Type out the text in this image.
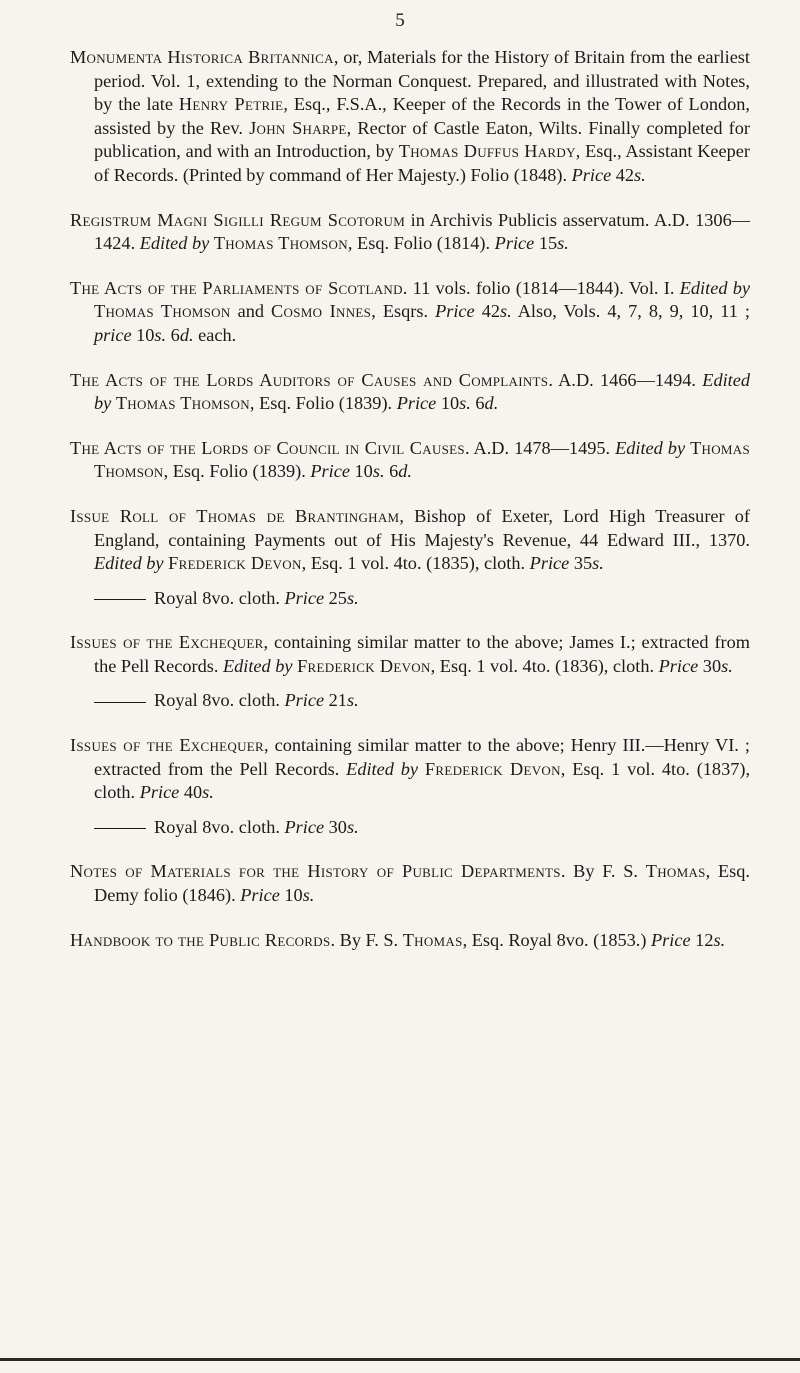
5

Monumenta Historica Britannica, or, Materials for the History of Britain from the earliest period. Vol. 1, extending to the Norman Conquest. Prepared, and illustrated with Notes, by the late Henry Petrie, Esq., F.S.A., Keeper of the Records in the Tower of London, assisted by the Rev. John Sharpe, Rector of Castle Eaton, Wilts. Finally completed for publication, and with an Introduction, by Thomas Duffus Hardy, Esq., Assistant Keeper of Records. (Printed by command of Her Majesty.) Folio (1848). Price 42s.

Registrum Magni Sigilli Regum Scotorum in Archivis Publicis asservatum. A.D. 1306—1424. Edited by Thomas Thomson, Esq. Folio (1814). Price 15s.

The Acts of the Parliaments of Scotland. 11 vols. folio (1814—1844). Vol. I. Edited by Thomas Thomson and Cosmo Innes, Esqrs. Price 42s. Also, Vols. 4, 7, 8, 9, 10, 11 ; price 10s. 6d. each.

The Acts of the Lords Auditors of Causes and Complaints. A.D. 1466—1494. Edited by Thomas Thomson, Esq. Folio (1839). Price 10s. 6d.

The Acts of the Lords of Council in Civil Causes. A.D. 1478—1495. Edited by Thomas Thomson, Esq. Folio (1839). Price 10s. 6d.

Issue Roll of Thomas de Brantingham, Bishop of Exeter, Lord High Treasurer of England, containing Payments out of His Majesty's Revenue, 44 Edward III., 1370. Edited by Frederick Devon, Esq. 1 vol. 4to. (1835), cloth. Price 35s.

Royal 8vo. cloth. Price 25s.

Issues of the Exchequer, containing similar matter to the above; James I.; extracted from the Pell Records. Edited by Frederick Devon, Esq. 1 vol. 4to. (1836), cloth. Price 30s.

Royal 8vo. cloth. Price 21s.

Issues of the Exchequer, containing similar matter to the above; Henry III.—Henry VI. ; extracted from the Pell Records. Edited by Frederick Devon, Esq. 1 vol. 4to. (1837), cloth. Price 40s.

Royal 8vo. cloth. Price 30s.

Notes of Materials for the History of Public Departments. By F. S. Thomas, Esq. Demy folio (1846). Price 10s.

Handbook to the Public Records. By F. S. Thomas, Esq. Royal 8vo. (1853.) Price 12s.
